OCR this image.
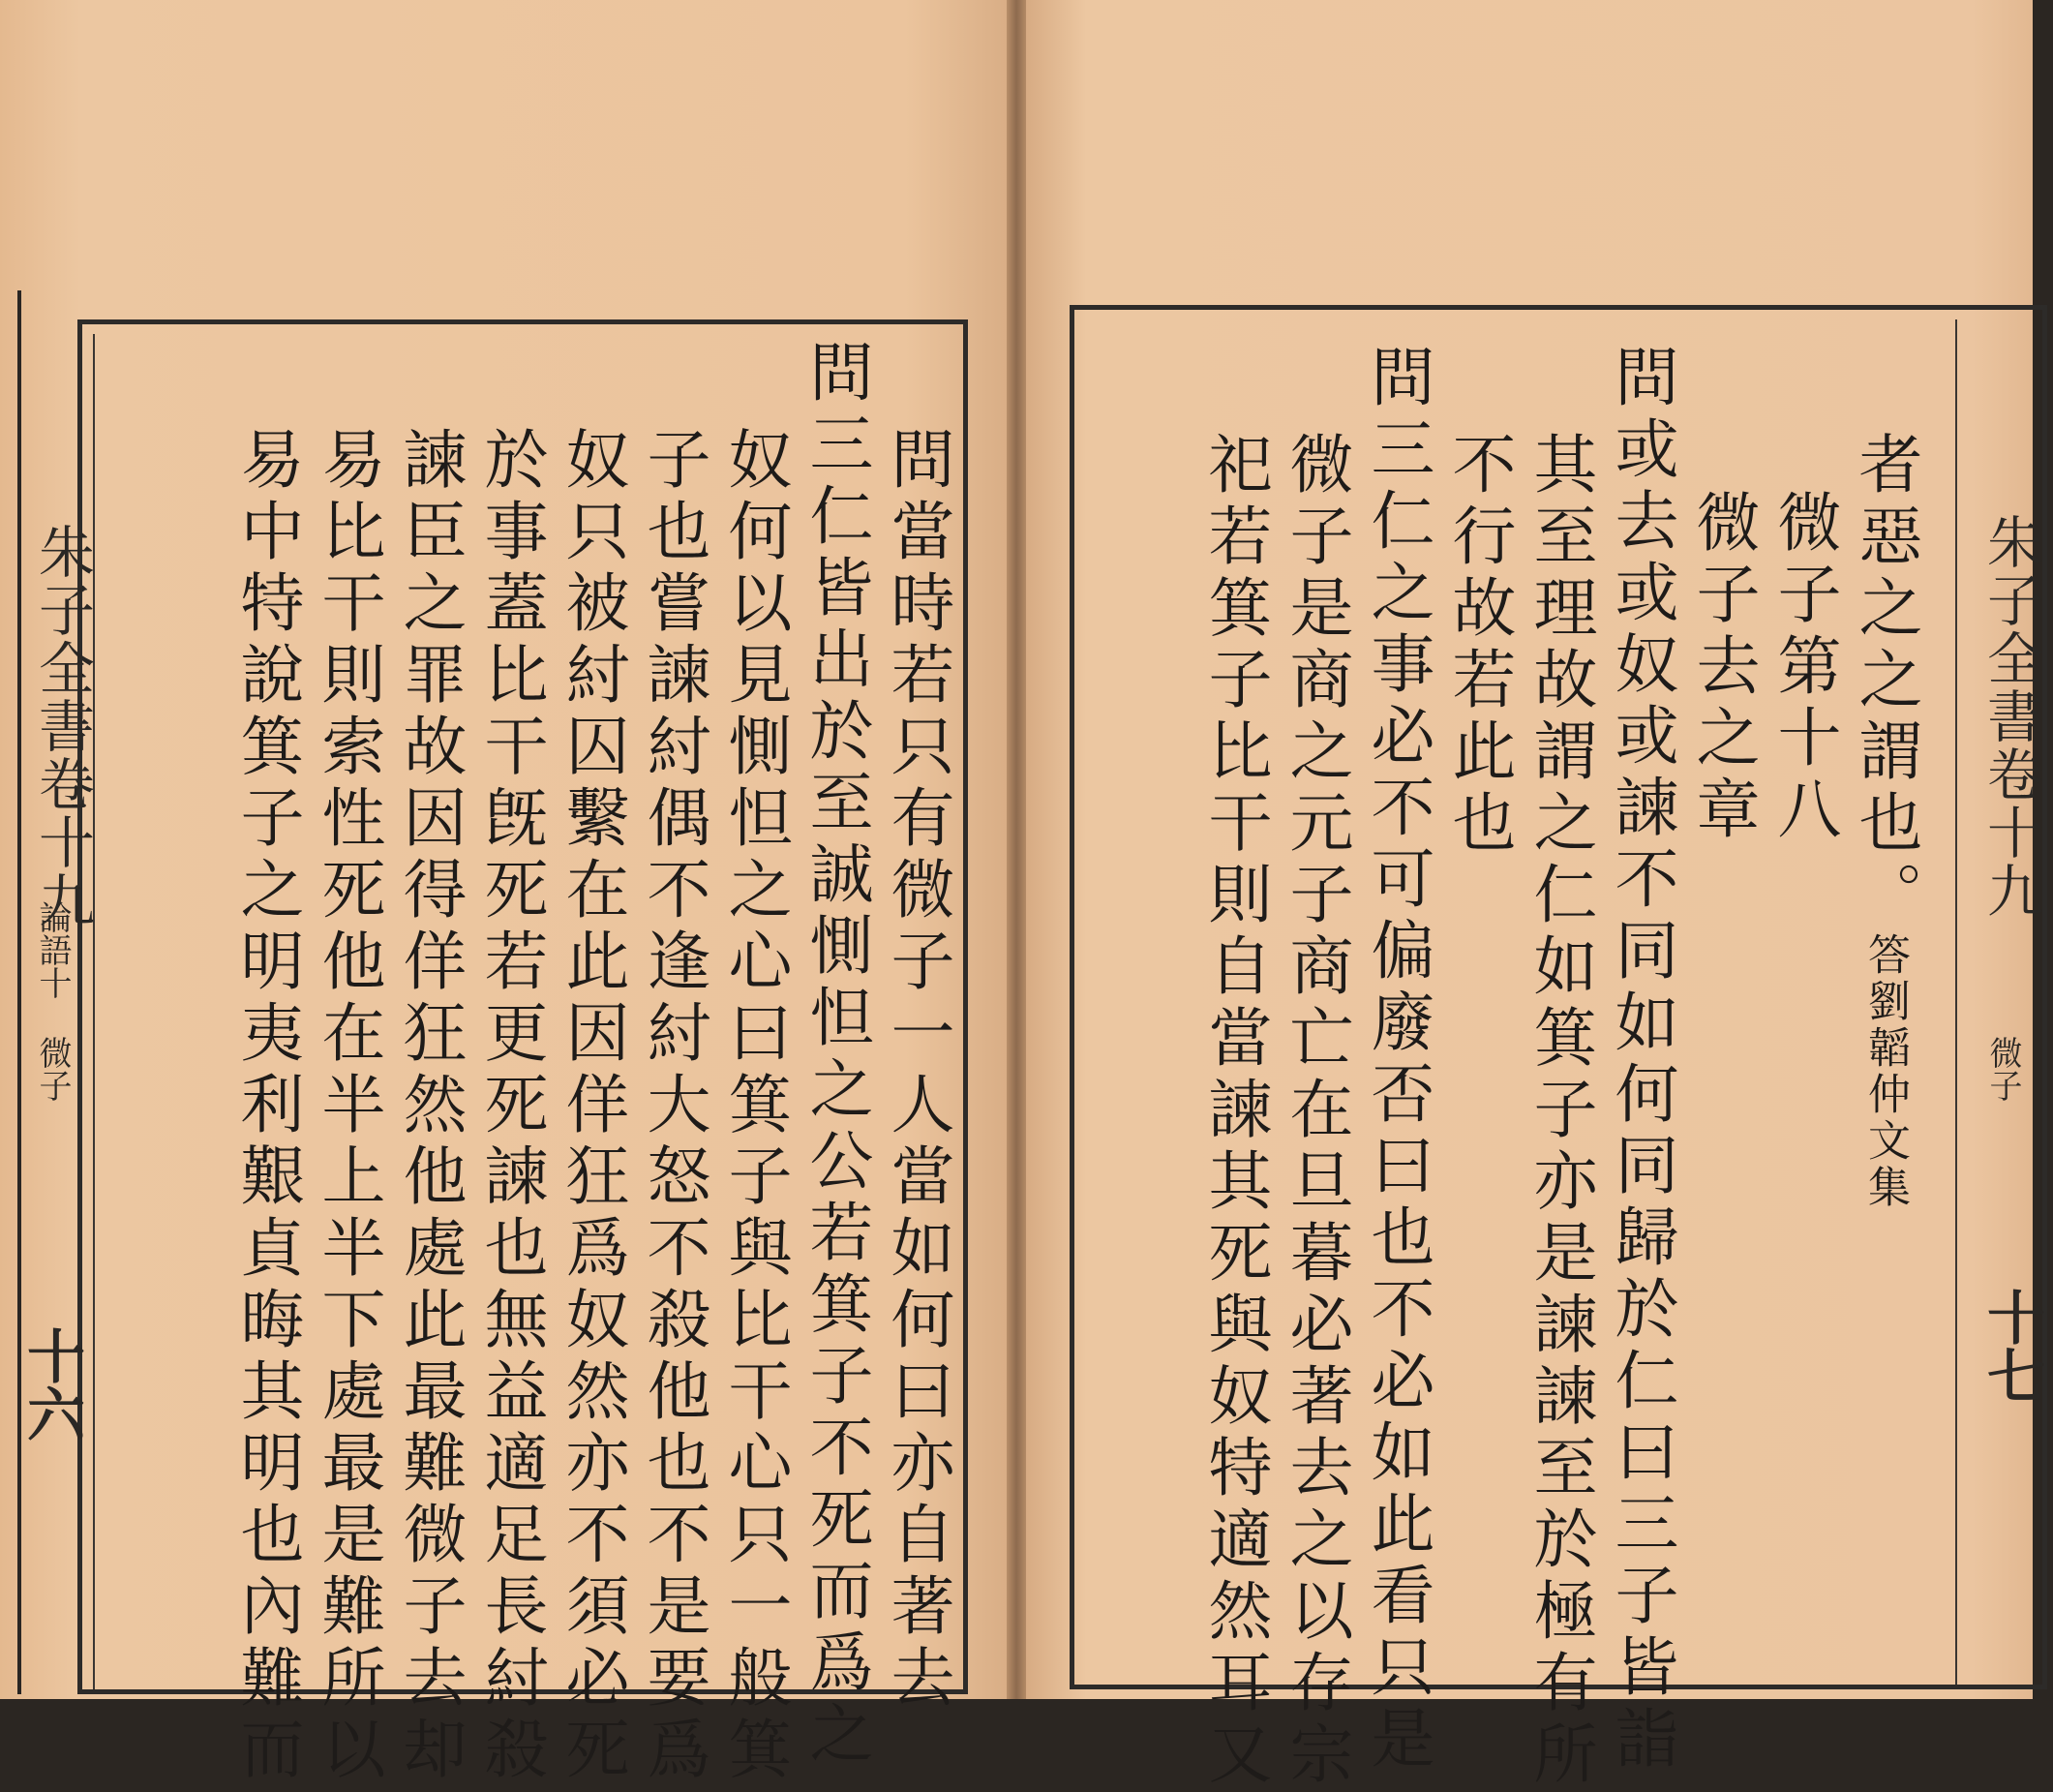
問當時若只有微子一人當如何曰亦自著去
問三仁皆出於至誠惻怛之公若箕子不死而爲之
奴何以見惻怛之心曰箕子與比干心只一般箕
子也嘗諫紂偶不逢紂大怒不殺他也不是要爲
奴只被紂囚繫在此因佯狂爲奴然亦不須必死
於事蓋比干旣死若更死諫也無益適足長紂殺
諫臣之罪故因得佯狂然他處此最難微子去却
易比干則索性死他在半上半下處最是難所以
易中特說箕子之明夷利艱貞晦其明也內難而
朱子全書卷十九
論語十
微子
十六
者惡之之謂也。答劉韜仲文集
微子第十八
微子去之章
問或去或奴或諫不同如何同歸於仁曰三子皆詣
其至理故謂之仁如箕子亦是諫諫至於極有所
不行故若此也
問三仁之事必不可偏廢否曰也不必如此看只是
微子是商之元子商亡在旦暮必著去之以存宗
祀若箕子比干則自當諫其死與奴特適然耳又	朱子全書卷十九
微子
十七
